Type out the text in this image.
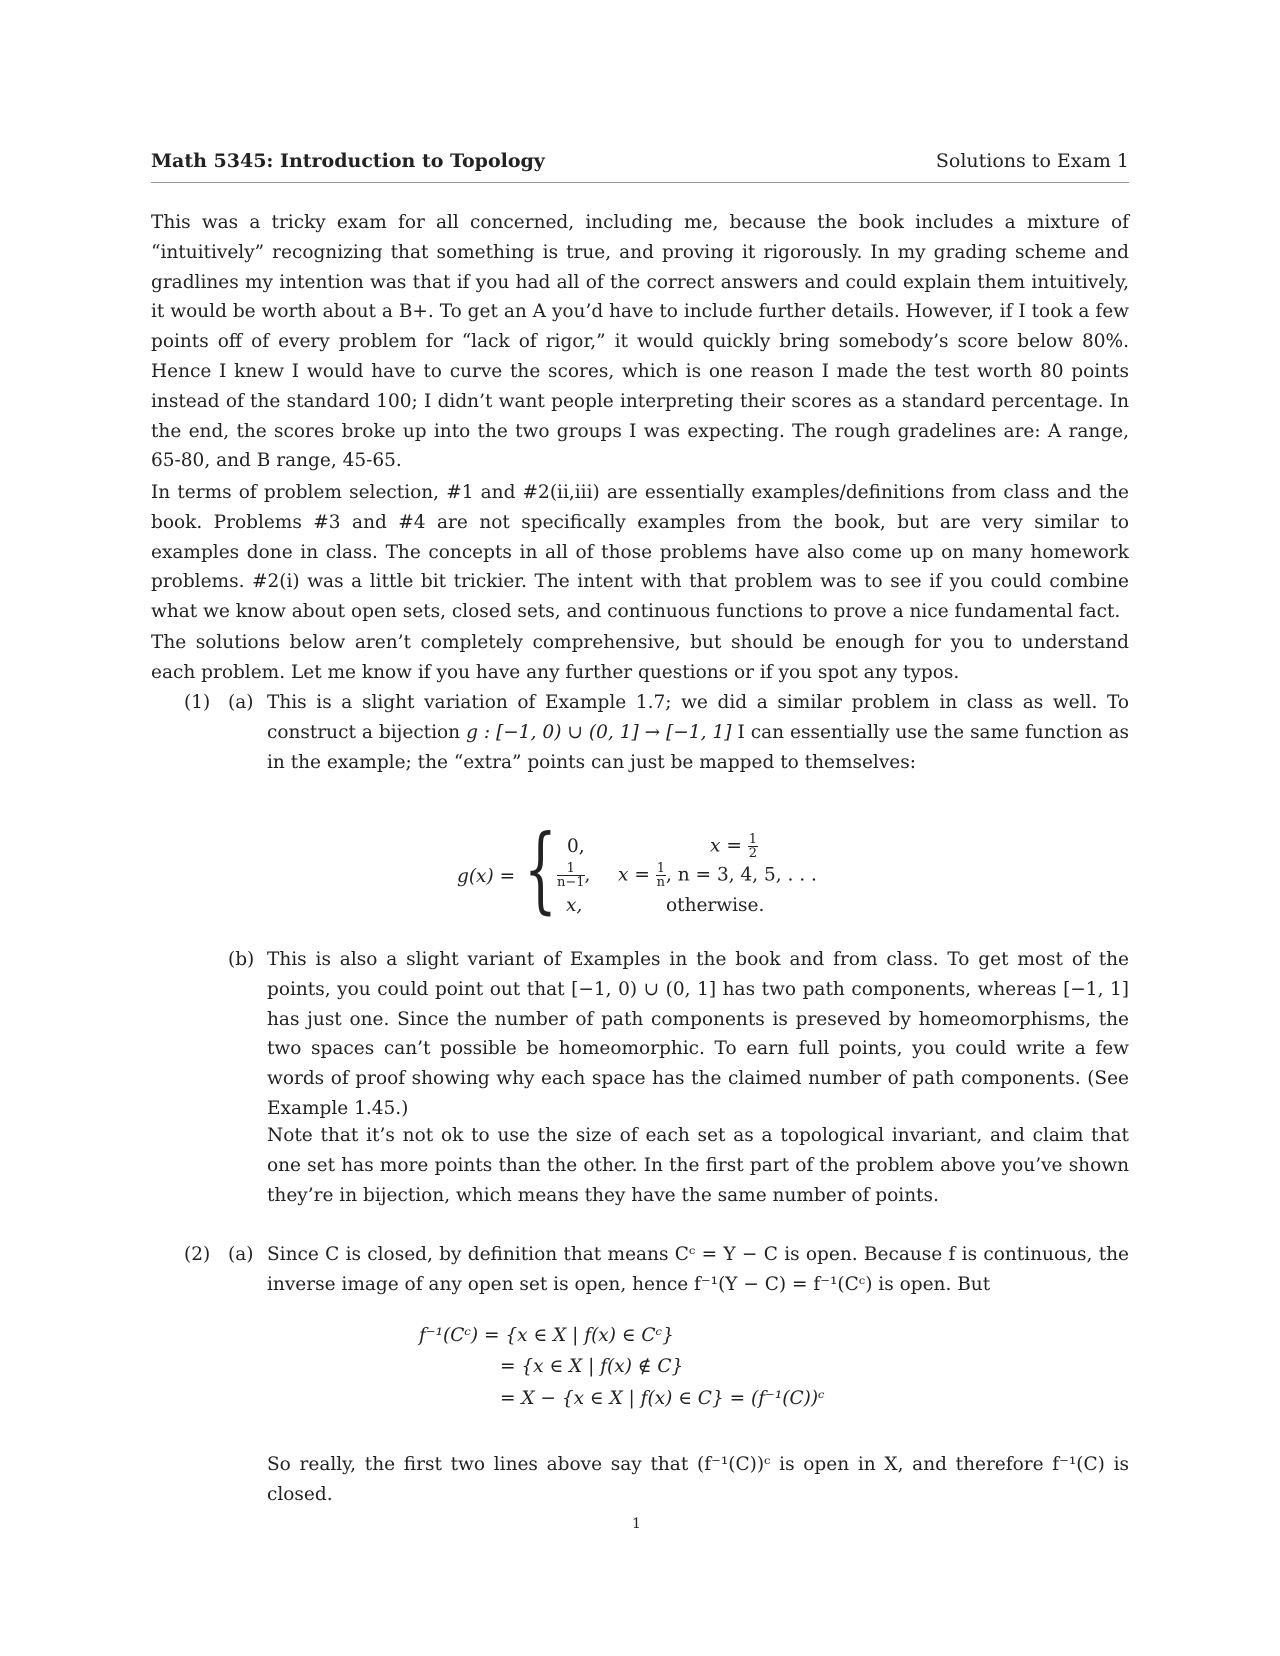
Math 5345: Introduction to Topology	Solutions to Exam 1

This was a tricky exam for all concerned, including me, because the book includes a mixture of “intuitively” recognizing that something is true, and proving it rigorously. In my grading scheme and gradlines my intention was that if you had all of the correct answers and could explain them intuitively, it would be worth about a B+. To get an A you’d have to include further details. However, if I took a few points off of every problem for “lack of rigor,” it would quickly bring somebody’s score below 80%. Hence I knew I would have to curve the scores, which is one reason I made the test worth 80 points instead of the standard 100; I didn’t want people interpreting their scores as a standard percentage. In the end, the scores broke up into the two groups I was expecting. The rough gradelines are: A range, 65-80, and B range, 45-65.

In terms of problem selection, #1 and #2(ii,iii) are essentially examples/definitions from class and the book. Problems #3 and #4 are not specifically examples from the book, but are very similar to examples done in class. The concepts in all of those problems have also come up on many homework problems. #2(i) was a little bit trickier. The intent with that problem was to see if you could combine what we know about open sets, closed sets, and continuous functions to prove a nice fundamental fact.

The solutions below aren’t completely comprehensive, but should be enough for you to understand each problem. Let me know if you have any further questions or if you spot any typos.

(1) (a) This is a slight variation of Example 1.7; we did a similar problem in class as well. To construct a bijection g : [−1, 0) ∪ (0, 1] → [−1, 1] I can essentially use the same function as in the example; the “extra” points can just be mapped to themselves:

g(x) = { 0,	$x = \frac{1}{2}$
$\frac{1}{n-1}$ , $x = \frac{1}{n}$ , n = 3, 4, 5, . . .
x,	otherwise.
(b) This is also a slight variant of Examples in the book and from class. To get most of the points, you could point out that [−1, 0) ∪ (0, 1] has two path components, whereas [−1, 1] has just one. Since the number of path components is preseved by homeomorphisms, the two spaces can’t possible be homeomorphic. To earn full points, you could write a few words of proof showing why each space has the claimed number of path components. (See Example 1.45.)

Note that it’s not ok to use the size of each set as a topological invariant, and claim that one set has more points than the other. In the first part of the problem above you’ve shown they’re in bijection, which means they have the same number of points.

(2) (a) Since C is closed, by definition that means Cᶜ = Y − C is open. Because f is continuous, the inverse image of any open set is open, hence f⁻¹(Y − C) = f⁻¹(Cᶜ) is open. But

f⁻¹(Cᶜ) = {x ∈ X | f(x) ∈ Cᶜ}
= {x ∈ X | f(x) ∉ C}
= X − {x ∈ X | f(x) ∈ C} = (f⁻¹(C))ᶜ

So really, the first two lines above say that (f⁻¹(C))ᶜ is open in X, and therefore f⁻¹(C) is closed.

1
